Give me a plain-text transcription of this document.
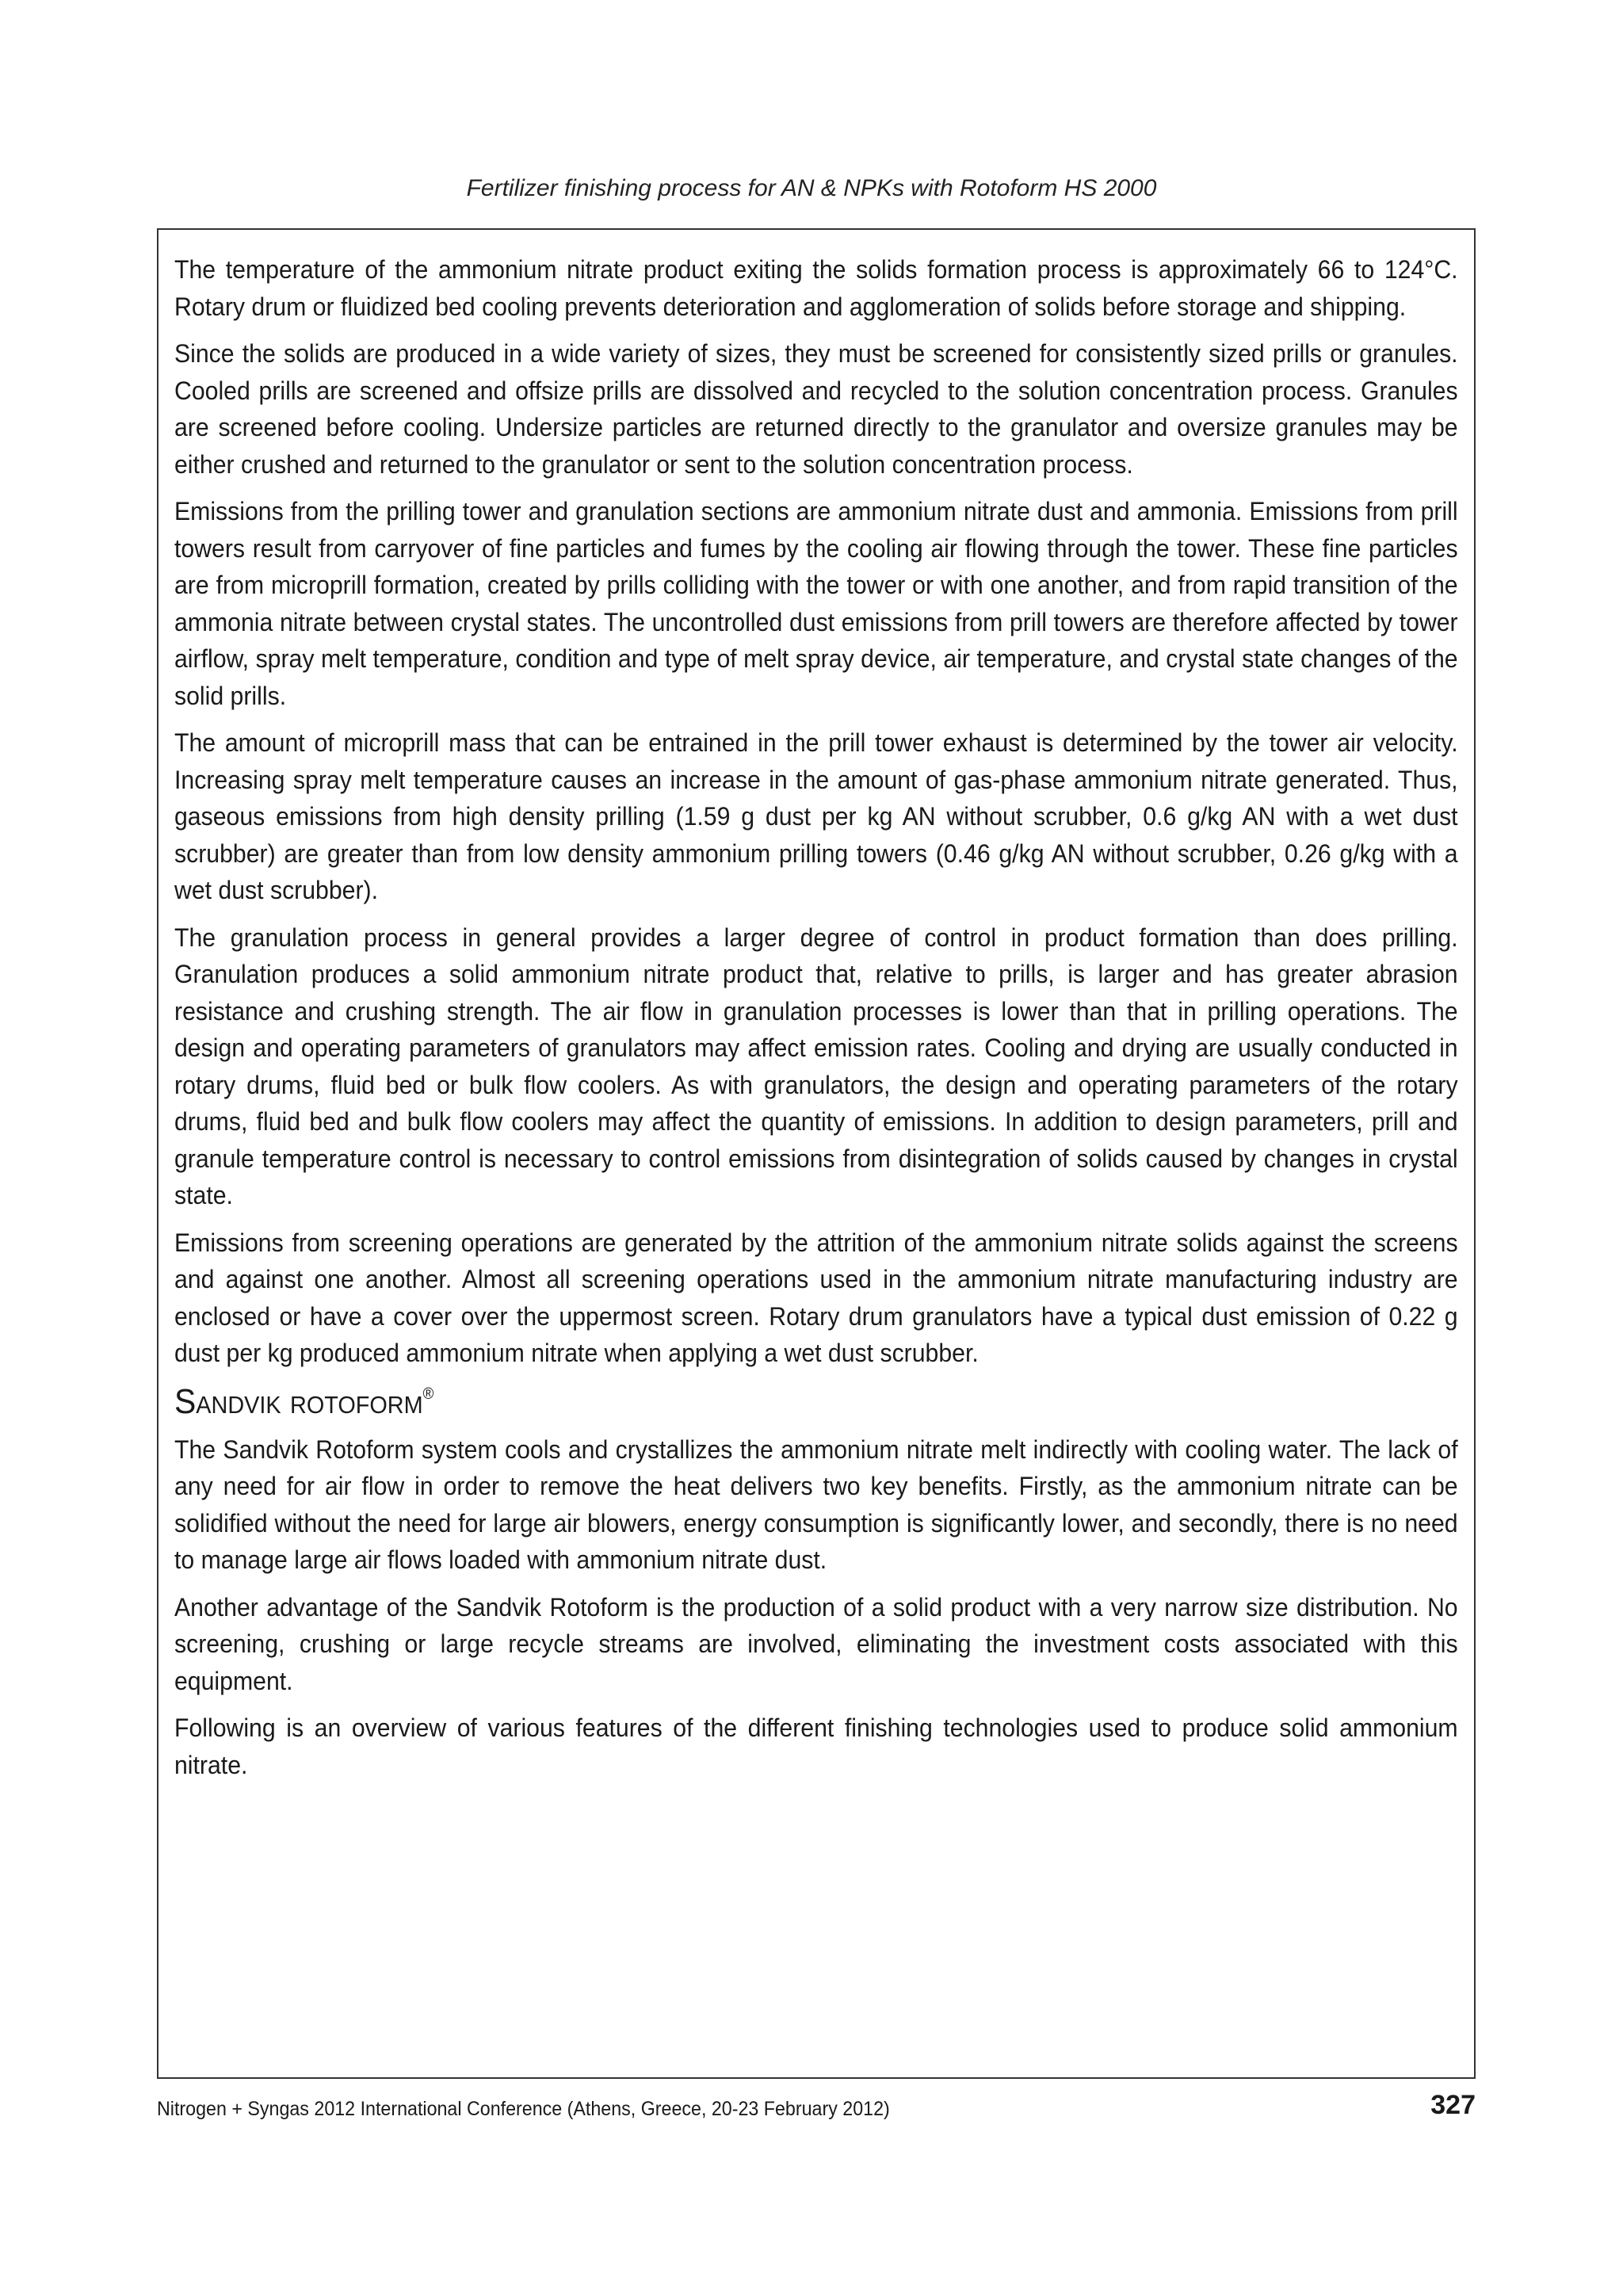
Fertilizer finishing process for AN & NPKs with Rotoform HS 2000

The temperature of the ammonium nitrate product exiting the solids formation process is approximately 66 to 124°C. Rotary drum or fluidized bed cooling prevents deterioration and agglomeration of solids before storage and shipping.

Since the solids are produced in a wide variety of sizes, they must be screened for consistently sized prills or granules. Cooled prills are screened and offsize prills are dissolved and recycled to the solution concentration process. Granules are screened before cooling. Undersize particles are returned directly to the granulator and oversize granules may be either crushed and returned to the granulator or sent to the solution concentration process.

Emissions from the prilling tower and granulation sections are ammonium nitrate dust and ammonia. Emissions from prill towers result from carryover of fine particles and fumes by the cooling air flowing through the tower. These fine particles are from microprill formation, created by prills colliding with the tower or with one another, and from rapid transition of the ammonia nitrate between crystal states. The uncontrolled dust emissions from prill towers are therefore affected by tower airflow, spray melt temperature, condition and type of melt spray device, air temperature, and crystal state changes of the solid prills.

The amount of microprill mass that can be entrained in the prill tower exhaust is determined by the tower air velocity. Increasing spray melt temperature causes an increase in the amount of gas-phase ammonium nitrate generated. Thus, gaseous emissions from high density prilling (1.59 g dust per kg AN without scrubber, 0.6 g/kg AN with a wet dust scrubber) are greater than from low density ammonium prilling towers (0.46 g/kg AN without scrubber, 0.26 g/kg with a wet dust scrubber).

The granulation process in general provides a larger degree of control in product formation than does prilling. Granulation produces a solid ammonium nitrate product that, relative to prills, is larger and has greater abrasion resistance and crushing strength. The air flow in granulation processes is lower than that in prilling operations. The design and operating parameters of granulators may affect emission rates. Cooling and drying are usually conducted in rotary drums, fluid bed or bulk flow coolers. As with granulators, the design and operating parameters of the rotary drums, fluid bed and bulk flow coolers may affect the quantity of emissions. In addition to design parameters, prill and granule temperature control is necessary to control emissions from disintegration of solids caused by changes in crystal state.

Emissions from screening operations are generated by the attrition of the ammonium nitrate solids against the screens and against one another. Almost all screening operations used in the ammonium nitrate manufacturing industry are enclosed or have a cover over the uppermost screen. Rotary drum granulators have a typical dust emission of 0.22 g dust per kg produced ammonium nitrate when applying a wet dust scrubber.

Sandvik rotoform®

The Sandvik Rotoform system cools and crystallizes the ammonium nitrate melt indirectly with cooling water. The lack of any need for air flow in order to remove the heat delivers two key benefits. Firstly, as the ammonium nitrate can be solidified without the need for large air blowers, energy consumption is significantly lower, and secondly, there is no need to manage large air flows loaded with ammonium nitrate dust.

Another advantage of the Sandvik Rotoform is the production of a solid product with a very narrow size distribution. No screening, crushing or large recycle streams are involved, eliminating the investment costs associated with this equipment.

Following is an overview of various features of the different finishing technologies used to produce solid ammonium nitrate.

Nitrogen + Syngas 2012 International Conference (Athens, Greece, 20-23 February 2012)	327
